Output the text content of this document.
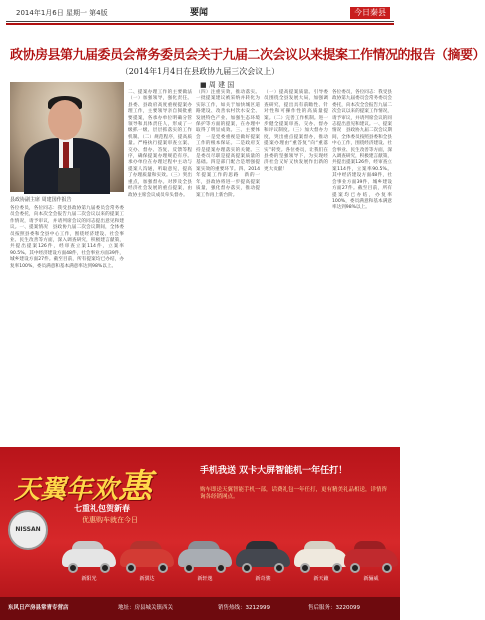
2014年1月6日 星期一 第4版	要闻	今日秦县
政协房县第九届委员会常务委员会关于九届二次会议以来提案工作情况的报告（摘要）
（2014年1月4日在县政协九届三次会议上）
县政协副主席 周建国作报告
■ 周 建 国
二、提案办理工作的主要做法　（一）加强领导，强化责任。县委、县政府高度重视提案办理工作，主要领导亲自阅批重要提案，各承办单位明确分管领导和具体责任人，形成了一级抓一级、层层抓落实的工作机制。（二）规范程序，提高质量。严格执行提案审查立案、交办、督办、答复、反馈等程序，确保提案办理规范有序。承办单位在办理过程中主动与提案人沟通，听取意见，提高了办理质量和实效。（三）突出重点，加强督办。对涉及全县经济社会发展的重点提案，由政协主席会议成员牵头督办。
（四）注重实效，推动落实。一批提案建议被采纳并转化为实际工作，如关于加快城区道路建设、改善农村饮水安全、发展特色产业、加强生态环境保护等方面的提案，在办理中取得了明显成效。三、主要体会　一是党委重视是做好提案工作的根本保证。二是政府支持是提案办理落实的关键。三是委员尽职是提高提案质量的基础。四是部门配合是增强提案实效的重要环节。四、2014年提案工作的思路　新的一年，县政协将进一步提高提案质量，强化督办落实，推动提案工作再上新台阶。
（一）提高提案质量。引导委员围绕全县发展大局，加强调查研究，提出具有前瞻性、针对性和可操作性的高质量提案。（二）完善工作机制。进一步健全提案审查、交办、督办和评议制度。（三）加大督办力度，突出重点提案督办，推动提案办理由“重答复”向“重落实”转变。各位委员，让我们在县委的坚强领导下，为实现经济社会又好又快发展作出新的更大贡献！
各位委员，各位同志：我受县政协第九届委员会常务委员会委托，向本次全会报告九届二次会议以来的提案工作情况，请予审议，并请列席会议的同志提出意见和建议。一、提案情况　县政协九届二次会议期间，全体委员按照县委和全县中心工作，围绕经济建设、社会事业、民生改善等方面，深入调查研究，积极建言献策，共提出提案126件，经审查立案114件，立案率90.5%。其中经济建设方面48件，社会事业方面39件，城乡建设方面27件。截至目前，所有提案均已办结，办复率100%，委员满意和基本满意率达到98%以上。
各位委员，各位同志：我受县政协第九届委员会常务委员会委托，向本次全会报告九届二次会议以来的提案工作情况，请予审议，并请列席会议的同志提出意见和建议。一、提案情况　县政协九届二次会议期间，全体委员按照县委和全县中心工作，围绕经济建设、社会事业、民生改善等方面，深入调查研究，积极建言献策，共提出提案126件，经审查立案114件，立案率90.5%。其中经济建设方面48件，社会事业方面39件，城乡建设方面27件。截至目前，所有提案均已办结，办复率100%，委员满意和基本满意率达到98%以上。
天翼年欢惠
七重礼包贺新春
优惠购车就在今日
手机我送 双卡大屏智能机一年任打！
购车即送天翼智能手机一部，话费礼包一年任打，更有精美礼品相送，详情咨询各经销网点。
新阳光	新骐达	新轩逸	新奇骏	新天籁	新骊威
东风日产房县常青专营店	地址：房县城关镇西关	销售热线：3212999	售后服务：3220099
NISSAN
